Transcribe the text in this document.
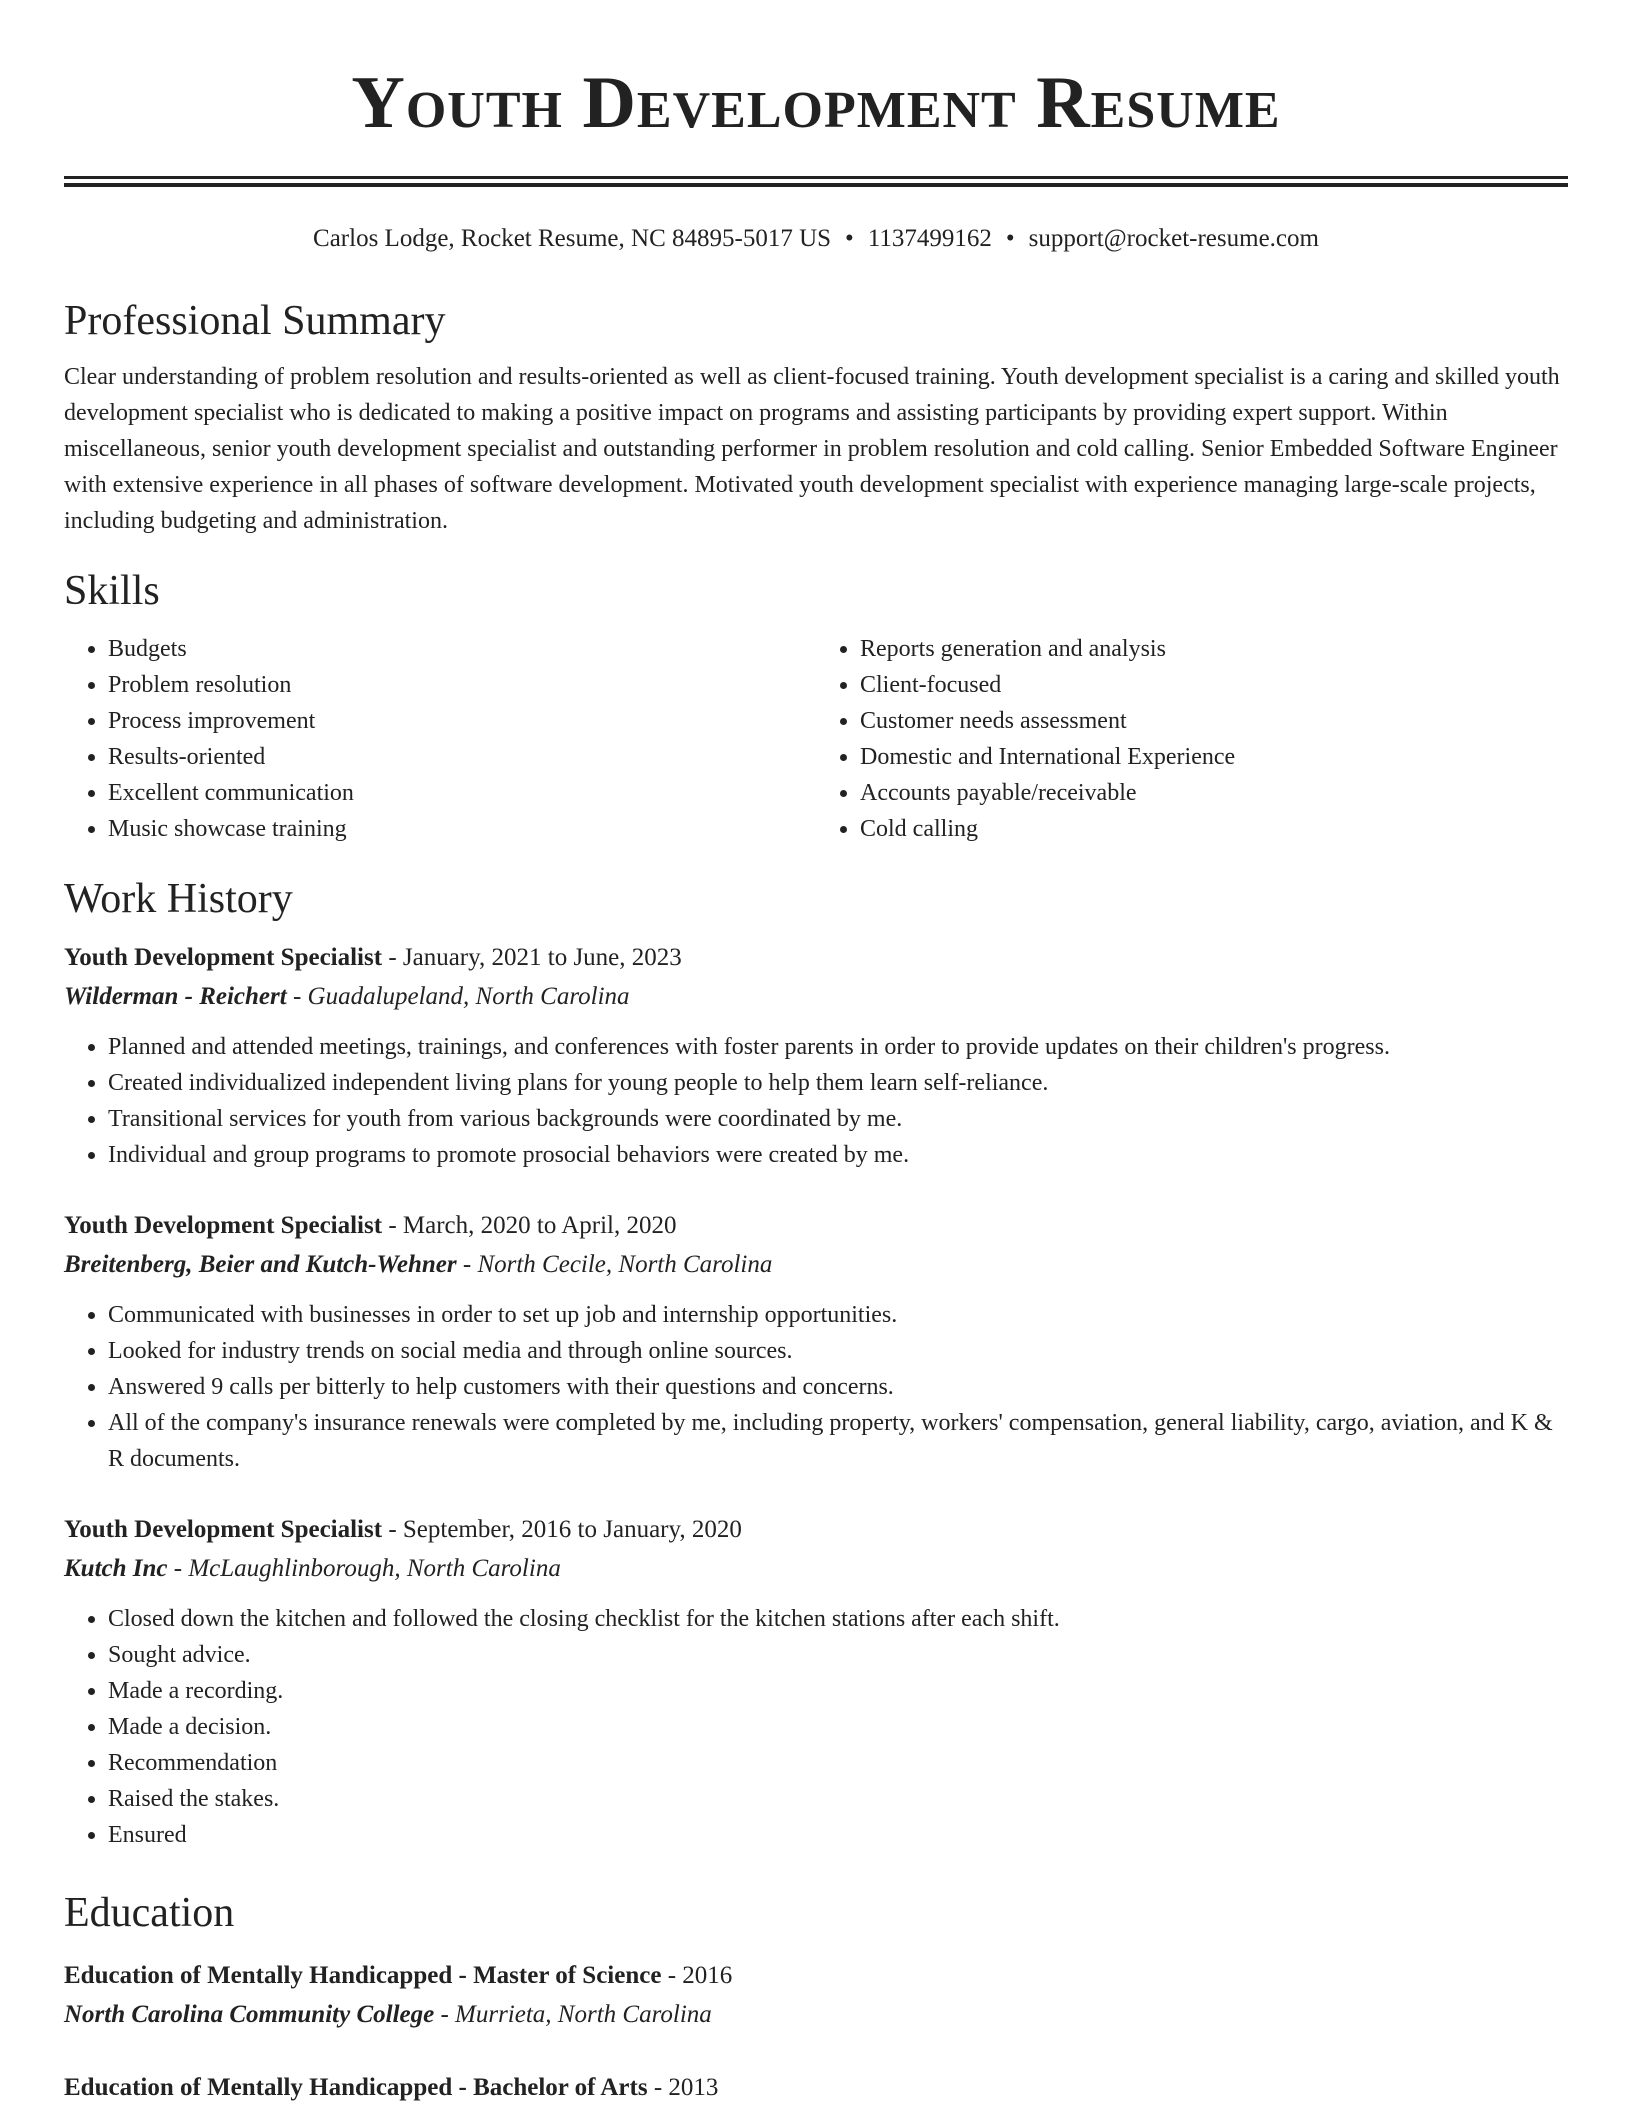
Youth Development Resume
Carlos Lodge, Rocket Resume, NC 84895-5017 US • 1137499162 • support@rocket-resume.com
Professional Summary

Clear understanding of problem resolution and results-oriented as well as client-focused training. Youth development specialist is a caring and skilled youth development specialist who is dedicated to making a positive impact on programs and assisting participants by providing expert support. Within miscellaneous, senior youth development specialist and outstanding performer in problem resolution and cold calling. Senior Embedded Software Engineer with extensive experience in all phases of software development. Motivated youth development specialist with experience managing large-scale projects, including budgeting and administration.

Skills
• Budgets
• Problem resolution
• Process improvement
• Results-oriented
• Excellent communication
• Music showcase training
• Reports generation and analysis
• Client-focused
• Customer needs assessment
• Domestic and International Experience
• Accounts payable/receivable
• Cold calling
Work History
Youth Development Specialist - January, 2021 to June, 2023
Wilderman - Reichert - Guadalupeland, North Carolina
• Planned and attended meetings, trainings, and conferences with foster parents in order to provide updates on their children's progress.
• Created individualized independent living plans for young people to help them learn self-reliance.
• Transitional services for youth from various backgrounds were coordinated by me.
• Individual and group programs to promote prosocial behaviors were created by me.
Youth Development Specialist - March, 2020 to April, 2020
Breitenberg, Beier and Kutch-Wehner - North Cecile, North Carolina
• Communicated with businesses in order to set up job and internship opportunities.
• Looked for industry trends on social media and through online sources.
• Answered 9 calls per bitterly to help customers with their questions and concerns.
• All of the company's insurance renewals were completed by me, including property, workers' compensation, general liability, cargo, aviation, and K & R documents.
Youth Development Specialist - September, 2016 to January, 2020
Kutch Inc - McLaughlinborough, North Carolina
• Closed down the kitchen and followed the closing checklist for the kitchen stations after each shift.
• Sought advice.
• Made a recording.
• Made a decision.
• Recommendation
• Raised the stakes.
• Ensured
Education
Education of Mentally Handicapped - Master of Science - 2016
North Carolina Community College - Murrieta, North Carolina
Education of Mentally Handicapped - Bachelor of Arts - 2013
